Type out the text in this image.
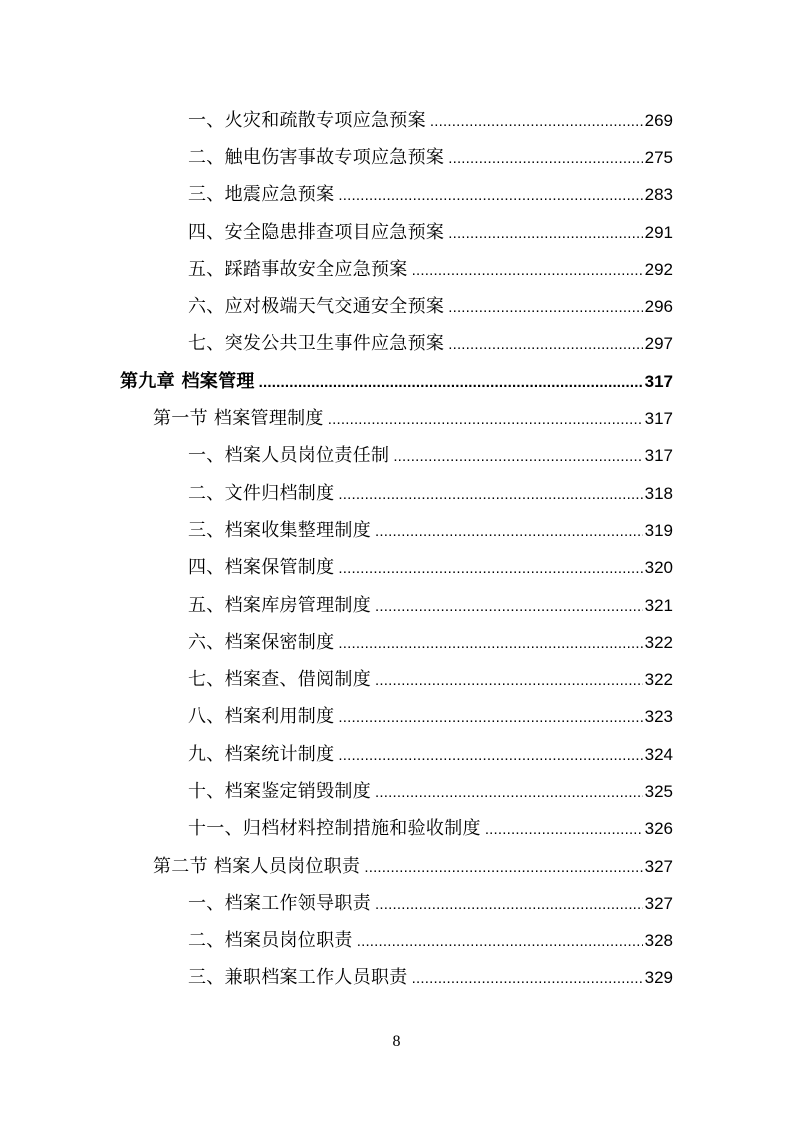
一、火灾和疏散专项应急预案 .....	269
二、触电伤害事故专项应急预案 .....	275
三、地震应急预案 .....	283
四、安全隐患排查项目应急预案 .....	291
五、踩踏事故安全应急预案 .....	292
六、应对极端天气交通安全预案 .....	296
七、突发公共卫生事件应急预案 .....	297
第九章 档案管理 .....	317
第一节 档案管理制度 .....	317
一、档案人员岗位责任制 .....	317
二、文件归档制度 .....	318
三、档案收集整理制度 .....	319
四、档案保管制度 .....	320
五、档案库房管理制度 .....	321
六、档案保密制度 .....	322
七、档案查、借阅制度 .....	322
八、档案利用制度 .....	323
九、档案统计制度 .....	324
十、档案鉴定销毁制度 .....	325
十一、归档材料控制措施和验收制度 .....	326
第二节 档案人员岗位职责 .....	327
一、档案工作领导职责 .....	327
二、档案员岗位职责 .....	328
三、兼职档案工作人员职责 .....	329
8
